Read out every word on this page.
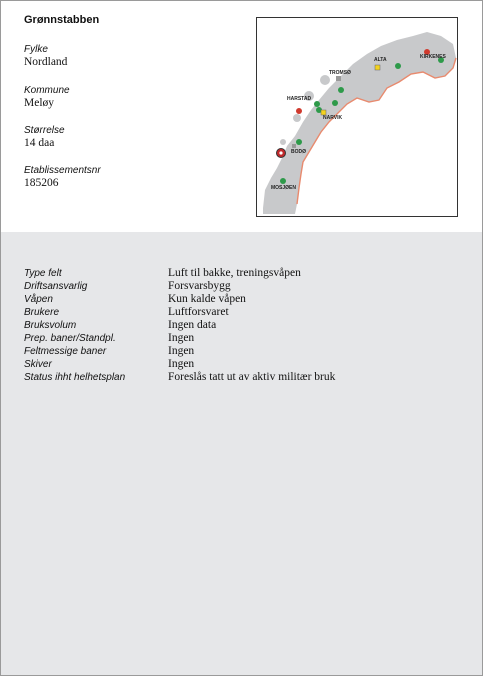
Grønnstabben
Fylke
Nordland
Kommune
Meløy
Størrelse
14 daa
Etablissementsnr
185206
ALTA	KIRKENES
TROMSØ
HARSTAD
NARVIK
BODØ
MOSJØEN
Type felt	Luft til bakke, treningsvåpen
Driftsansvarlig	Forsvarsbygg
Våpen	Kun kalde våpen
Brukere	Luftforsvaret
Bruksvolum	Ingen data
Prep. baner/Standpl.	Ingen
Feltmessige baner	Ingen
Skiver	Ingen
Status ihht helhetsplan	Foreslås tatt ut av aktiv militær bruk
